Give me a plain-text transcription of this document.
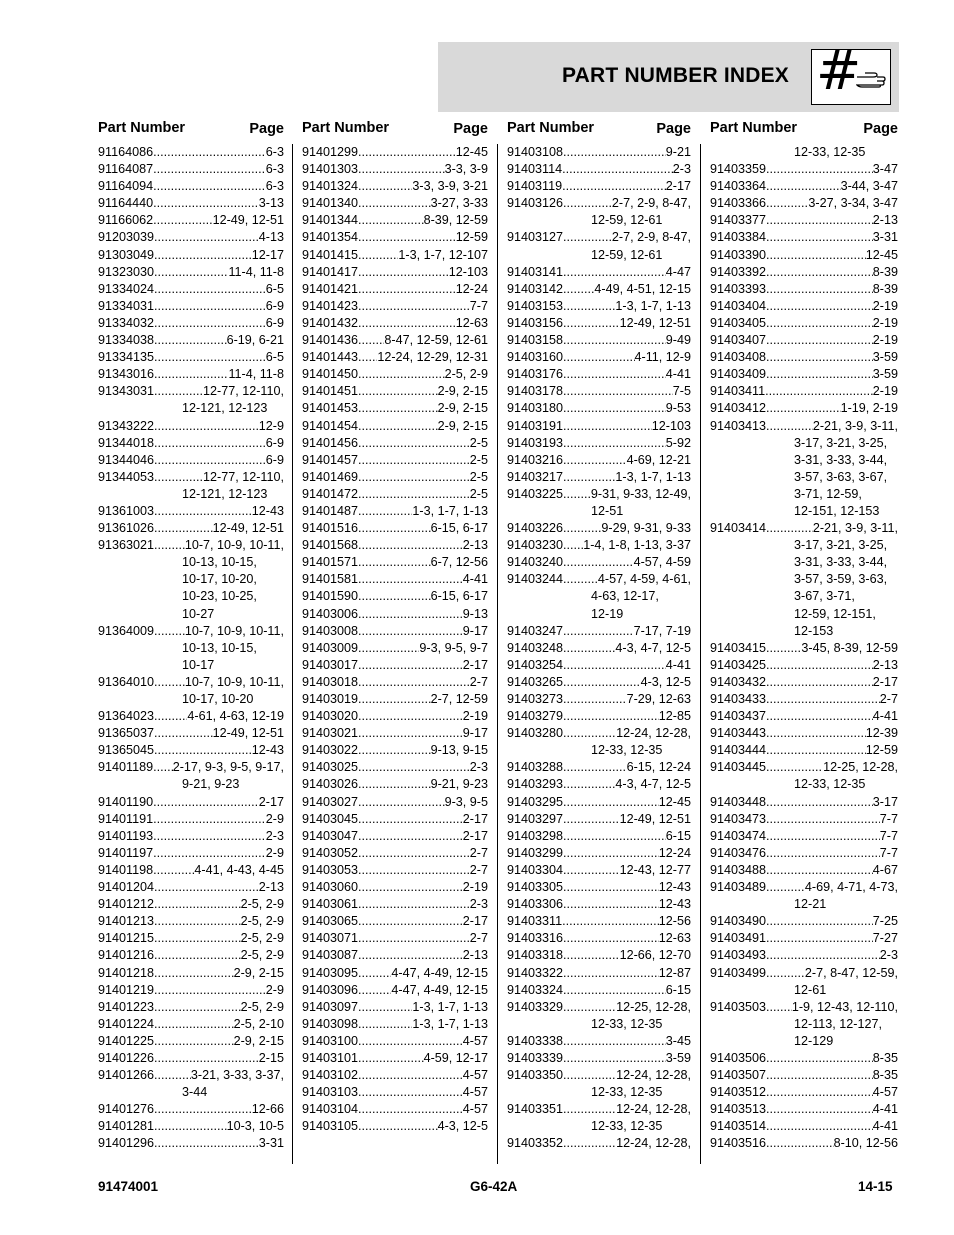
PART NUMBER INDEX #
Part Number	Page
91164086 .....	6-3
91164087 .....	6-3
91164094 .....	6-3
91164440 .....	3-13
91166062 .....	12-49, 12-51
91203039 .....	4-13
91303049 .....	12-17
91323030 .....	11-4, 11-8
91334024 .....	6-5
91334031 .....	6-9
91334032 .....	6-9
91334038 .....	6-19, 6-21
91334135 .....	6-5
91343016 .....	11-4, 11-8
91343031 .....	12-77, 12-110,
12-121, 12-123
91343222 .....	12-9
91344018 .....	6-9
91344046 .....	6-9
91344053 .....	12-77, 12-110,
12-121, 12-123
91361003 .....	12-43
91361026 .....	12-49, 12-51
91363021 ..... 10-7, 10-9, 10-11,
10-13, 10-15,
10-17, 10-20,
10-23, 10-25,
10-27
91364009 ..... 10-7, 10-9, 10-11,
10-13, 10-15,
10-17
91364010 ..... 10-7, 10-9, 10-11,
10-17, 10-20
91364023 .....	4-61, 4-63, 12-19
91365037 .....	12-49, 12-51
91365045 .....	12-43
91401189 ..... 2-17, 9-3, 9-5, 9-17,
9-21, 9-23
91401190 .....	2-17
91401191 .....	2-9
91401193 .....	2-3
91401197 .....	2-9
91401198 .....	4-41, 4-43, 4-45
91401204 .....	2-13
91401212 .....	2-5, 2-9
91401213 .....	2-5, 2-9
91401215 .....	2-5, 2-9
91401216 .....	2-5, 2-9
91401218 .....	2-9, 2-15
91401219 .....	2-9
91401223 .....	2-5, 2-9
91401224 .....	2-5, 2-10
91401225 .....	2-9, 2-15
91401226 .....	2-15
91401266 .....	3-21, 3-33, 3-37,
3-44
91401276 .....	12-66
91401281 .....	10-3, 10-5
91401296 .....	3-31
Part Number	Page
91401299 .....	12-45
91401303 .....	3-3, 3-9
91401324 .....	3-3, 3-9, 3-21
91401340 .....	3-27, 3-33
91401344 .....	8-39, 12-59
91401354 .....	12-59
91401415 .....	1-3, 1-7, 12-107
91401417 .....	12-103
91401421 .....	12-24
91401423 .....	7-7
91401432 .....	12-63
91401436 ..... 8-47, 12-59, 12-61
91401443 ..... 12-24, 12-29, 12-31
91401450 .....	2-5, 2-9
91401451 .....	2-9, 2-15
91401453 .....	2-9, 2-15
91401454 .....	2-9, 2-15
91401456 .....	2-5
91401457 .....	2-5
91401469 .....	2-5
91401472 .....	2-5
91401487 .....	1-3, 1-7, 1-13
91401516 .....	6-15, 6-17
91401568 .....	2-13
91401571 .....	6-7, 12-56
91401581 .....	4-41
91401590 .....	6-15, 6-17
91403006 .....	9-13
91403008 .....	9-17
91403009 .....	9-3, 9-5, 9-7
91403017 .....	2-17
91403018 .....	2-7
91403019 .....	2-7, 12-59
91403020 .....	2-19
91403021 .....	9-17
91403022 .....	9-13, 9-15
91403025 .....	2-3
91403026 .....	9-21, 9-23
91403027 .....	9-3, 9-5
91403045 .....	2-17
91403047 .....	2-17
91403052 .....	2-7
91403053 .....	2-7
91403060 .....	2-19
91403061 .....	2-3
91403065 .....	2-17
91403071 .....	2-7
91403087 .....	2-13
91403095 .....	4-47, 4-49, 12-15
91403096 .....	4-47, 4-49, 12-15
91403097 .....	1-3, 1-7, 1-13
91403098 .....	1-3, 1-7, 1-13
91403100 .....	4-57
91403101 .....	4-59, 12-17
91403102 .....	4-57
91403103 .....	4-57
91403104 .....	4-57
91403105 .....	4-3, 12-5
Part Number	Page
91403108 .....	9-21
91403114 .....	2-3
91403119 .....	2-17
91403126 .....	2-7, 2-9, 8-47,
12-59, 12-61
91403127 .....	2-7, 2-9, 8-47,
12-59, 12-61
91403141 .....	4-47
91403142 ..... 4-49, 4-51, 12-15
91403153 .....	1-3, 1-7, 1-13
91403156 .....	12-49, 12-51
91403158 .....	9-49
91403160 .....	4-11, 12-9
91403176 .....	4-41
91403178 .....	7-5
91403180 .....	9-53
91403191 .....	12-103
91403193 .....	5-92
91403216 .....	4-69, 12-21
91403217 .....	1-3, 1-7, 1-13
91403225 ..... 9-31, 9-33, 12-49,
12-51
91403226 .....	9-29, 9-31, 9-33
91403230 ..... 1-4, 1-8, 1-13, 3-37
91403240 .....	4-57, 4-59
91403244 .....	4-57, 4-59, 4-61,
4-63, 12-17,
12-19
91403247 .....	7-17, 7-19
91403248 .....	4-3, 4-7, 12-5
91403254 .....	4-41
91403265 .....	4-3, 12-5
91403273 .....	7-29, 12-63
91403279 .....	12-85
91403280 .....	12-24, 12-28,
12-33, 12-35
91403288 .....	6-15, 12-24
91403293 .....	4-3, 4-7, 12-5
91403295 .....	12-45
91403297 .....	12-49, 12-51
91403298 .....	6-15
91403299 .....	12-24
91403304 .....	12-43, 12-77
91403305 .....	12-43
91403306 .....	12-43
91403311 .....	12-56
91403316 .....	12-63
91403318 .....	12-66, 12-70
91403322 .....	12-87
91403324 .....	6-15
91403329 .....	12-25, 12-28,
12-33, 12-35
91403338 .....	3-45
91403339 .....	3-59
91403350 .....	12-24, 12-28,
12-33, 12-35
91403351 .....	12-24, 12-28,
12-33, 12-35
91403352 .....	12-24, 12-28,
Part Number	Page
12-33, 12-35
91403359 .....	3-47
91403364 .....	3-44, 3-47
91403366 .....	3-27, 3-34, 3-47
91403377 .....	2-13
91403384 .....	3-31
91403390 .....	12-45
91403392 .....	8-39
91403393 .....	8-39
91403404 .....	2-19
91403405 .....	2-19
91403407 .....	2-19
91403408 .....	3-59
91403409 .....	3-59
91403411 .....	2-19
91403412 .....	1-19, 2-19
91403413 .....	2-21, 3-9, 3-11,
3-17, 3-21, 3-25,
3-31, 3-33, 3-44,
3-57, 3-63, 3-67,
3-71, 12-59,
12-151, 12-153
91403414 .....	2-21, 3-9, 3-11,
3-17, 3-21, 3-25,
3-31, 3-33, 3-44,
3-57, 3-59, 3-63,
3-67, 3-71,
12-59, 12-151,
12-153
91403415 .....	3-45, 8-39, 12-59
91403425 .....	2-13
91403432 .....	2-17
91403433 .....	2-7
91403437 .....	4-41
91403443 .....	12-39
91403444 .....	12-59
91403445 .....	12-25, 12-28,
12-33, 12-35
91403448 .....	3-17
91403473 .....	7-7
91403474 .....	7-7
91403476 .....	7-7
91403488 .....	4-67
91403489 .....	4-69, 4-71, 4-73,
12-21
91403490 .....	7-25
91403491 .....	7-27
91403493 .....	2-3
91403499 .....	2-7, 8-47, 12-59,
12-61
91403503 ..... 1-9, 12-43, 12-110,
12-113, 12-127,
12-129
91403506 .....	8-35
91403507 .....	8-35
91403512 .....	4-57
91403513 .....	4-41
91403514 .....	4-41
91403516 .....	8-10, 12-56
91474001	G6-42A	14-15
